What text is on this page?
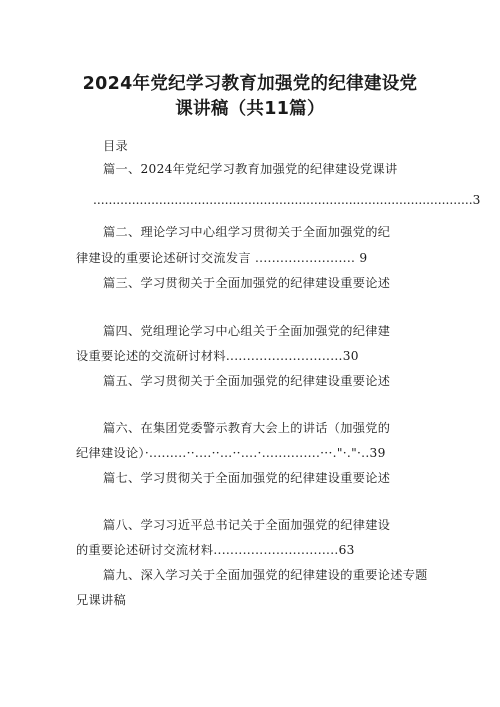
2024年党纪学习教育加强党的纪律建设党
课讲稿（共11篇）
目录
篇一、2024年党纪学习教育加强党的纪律建设党课讲
..................................................................................................3
篇二、理论学习中心组学习贯彻关于全面加强党的纪
律建设的重要论述研讨交流发言 ........................ 9
篇三、学习贯彻关于全面加强党的纪律建设重要论述
篇四、党组理论学习中心组关于全面加强党的纪律建
设重要论述的交流研讨材料............................30
篇五、学习贯彻关于全面加强党的纪律建设重要论述
篇六、在集团党委警示教育大会上的讲话（加强党的
纪律建设论）·.........··....··...··....·..............···."·."·..39
篇七、学习贯彻关于全面加强党的纪律建设重要论述
篇八、学习习近平总书记关于全面加强党的纪律建设
的重要论述研讨交流材料..............................63
篇九、深入学习关于全面加强党的纪律建设的重要论述专题
兄课讲稿
